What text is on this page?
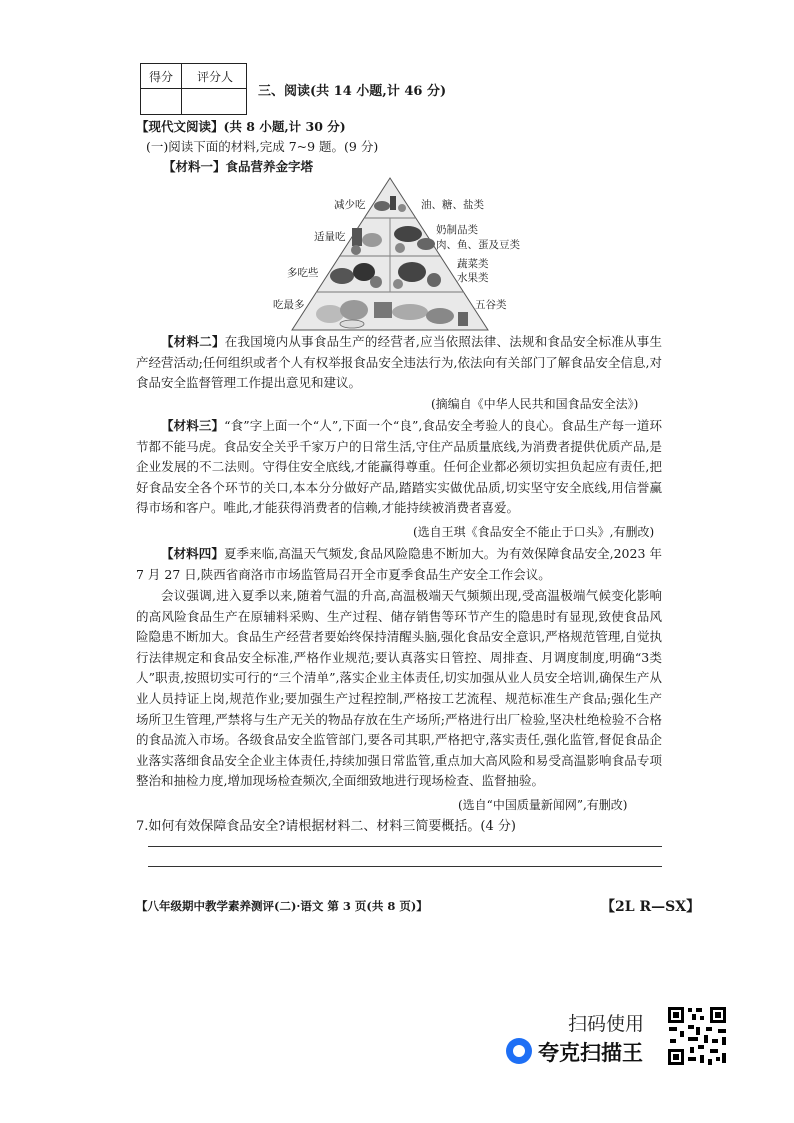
得分	评分人
三、阅读(共 14 小题,计 46 分)
【现代文阅读】(共 8 小题,计 30 分)
(一)阅读下面的材料,完成 7~9 题。(9 分)
【材料一】食品营养金字塔
减少吃
适量吃
多吃些
吃最多
油、糖、盐类
奶制品类
肉、鱼、蛋及豆类
蔬菜类
水果类
五谷类
【材料二】在我国境内从事食品生产的经营者,应当依照法律、法规和食品安全标准从事生产经营活动;任何组织或者个人有权举报食品安全违法行为,依法向有关部门了解食品安全信息,对食品安全监督管理工作提出意见和建议。
(摘编自《中华人民共和国食品安全法》)
【材料三】“食”字上面一个“人”,下面一个“良”,食品安全考验人的良心。食品生产每一道环节都不能马虎。食品安全关乎千家万户的日常生活,守住产品质量底线,为消费者提供优质产品,是企业发展的不二法则。守得住安全底线,才能赢得尊重。任何企业都必须切实担负起应有责任,把好食品安全各个环节的关口,本本分分做好产品,踏踏实实做优品质,切实坚守安全底线,用信誉赢得市场和客户。唯此,才能获得消费者的信赖,才能持续被消费者喜爱。
(选自王琪《食品安全不能止于口头》,有删改)
【材料四】夏季来临,高温天气频发,食品风险隐患不断加大。为有效保障食品安全,2023 年 7 月 27 日,陕西省商洛市市场监管局召开全市夏季食品生产安全工作会议。
会议强调,进入夏季以来,随着气温的升高,高温极端天气频频出现,受高温极端气候变化影响的高风险食品生产在原辅料采购、生产过程、储存销售等环节产生的隐患时有显现,致使食品风险隐患不断加大。食品生产经营者要始终保持清醒头脑,强化食品安全意识,严格规范管理,自觉执行法律规定和食品安全标准,严格作业规范;要认真落实日管控、周排查、月调度制度,明确“3类人”职责,按照切实可行的“三个清单”,落实企业主体责任,切实加强从业人员安全培训,确保生产从业人员持证上岗,规范作业;要加强生产过程控制,严格按工艺流程、规范标准生产食品;强化生产场所卫生管理,严禁将与生产无关的物品存放在生产场所;严格进行出厂检验,坚决杜绝检验不合格的食品流入市场。各级食品安全监管部门,要各司其职,严格把守,落实责任,强化监管,督促食品企业落实落细食品安全企业主体责任,持续加强日常监管,重点加大高风险和易受高温影响食品专项整治和抽检力度,增加现场检查频次,全面细致地进行现场检查、监督抽验。
(选自“中国质量新闻网”,有删改)
7.如何有效保障食品安全?请根据材料二、材料三简要概括。(4 分)
【八年级期中教学素养测评(二)·语文 第 3 页(共 8 页)】	【2L R—SX】
扫码使用
夸克扫描王
